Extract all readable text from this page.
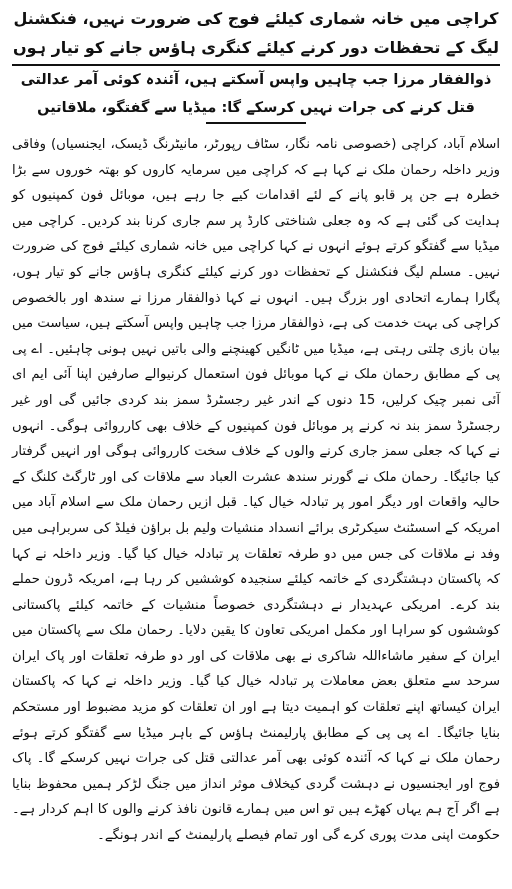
کراچی میں خانہ شماری کیلئے فوج کی ضرورت نہیں، فنکشنل لیگ کے تحفظات دور کرنے کیلئے کنگری ہاؤس جانے کو تیار ہوں
ذوالفقار مرزا جب چاہیں واپس آسکتے ہیں، آئندہ کوئی آمر عدالتی قتل کرنے کی جرات نہیں کرسکے گا: میڈیا سے گفتگو، ملاقاتیں
اسلام آباد، کراچی (خصوصی نامہ نگار، سٹاف رپورٹر، مانیٹرنگ ڈیسک، ایجنسیاں) وفاقی وزیر داخلہ رحمان ملک نے کہا ہے کہ کراچی میں سرمایہ کاروں کو بھتہ خوروں سے بڑا خطرہ ہے جن پر قابو پانے کے لئے اقدامات کیے جا رہے ہیں، موبائل فون کمپنیوں کو ہدایت کی گئی ہے کہ وہ جعلی شناختی کارڈ پر سم جاری کرنا بند کردیں۔ کراچی میں میڈیا سے گفتگو کرتے ہوئے انہوں نے کہا کراچی میں خانہ شماری کیلئے فوج کی ضرورت نہیں۔ مسلم لیگ فنکشنل کے تحفظات دور کرنے کیلئے کنگری ہاؤس جانے کو تیار ہوں، پگارا ہمارے اتحادی اور بزرگ ہیں۔ انہوں نے کہا ذوالفقار مرزا نے سندھ اور بالخصوص کراچی کی بہت خدمت کی ہے، ذوالفقار مرزا جب چاہیں واپس آسکتے ہیں، سیاست میں بیان بازی چلتی رہتی ہے، میڈیا میں ٹانگیں کھینچنے والی باتیں نہیں ہونی چاہئیں۔ اے پی پی کے مطابق رحمان ملک نے کہا موبائل فون استعمال کرنیوالے صارفین اپنا آئی ایم ای آئی نمبر چیک کرلیں، 15 دنوں کے اندر غیر رجسٹرڈ سمز بند کردی جائیں گی اور غیر رجسٹرڈ سمز بند نہ کرنے پر موبائل فون کمپنیوں کے خلاف بھی کارروائی ہوگی۔ انہوں نے کہا کہ جعلی سمز جاری کرنے والوں کے خلاف سخت کارروائی ہوگی اور انہیں گرفتار کیا جائیگا۔ رحمان ملک نے گورنر سندھ عشرت العباد سے ملاقات کی اور ٹارگٹ کلنگ کے حالیہ واقعات اور دیگر امور پر تبادلہ خیال کیا۔ قبل ازیں رحمان ملک سے اسلام آباد میں امریکہ کے اسسٹنٹ سیکرٹری برائے انسداد منشیات ولیم بل براؤن فیلڈ کی سربراہی میں وفد نے ملاقات کی جس میں دو طرفہ تعلقات پر تبادلہ خیال کیا گیا۔ وزیر داخلہ نے کہا کہ پاکستان دہشتگردی کے خاتمہ کیلئے سنجیدہ کوششیں کر رہا ہے، امریکہ ڈرون حملے بند کرے۔ امریکی عہدیدار نے دہشتگردی خصوصاً منشیات کے خاتمہ کیلئے پاکستانی کوششوں کو سراہا اور مکمل امریکی تعاون کا یقین دلایا۔ رحمان ملک سے پاکستان میں ایران کے سفیر ماشاءاللہ شاکری نے بھی ملاقات کی اور دو طرفہ تعلقات اور پاک ایران سرحد سے متعلق بعض معاملات پر تبادلہ خیال کیا گیا۔ وزیر داخلہ نے کہا کہ پاکستان ایران کیساتھ اپنے تعلقات کو اہمیت دیتا ہے اور ان تعلقات کو مزید مضبوط اور مستحکم بنایا جائیگا۔ اے پی پی کے مطابق پارلیمنٹ ہاؤس کے باہر میڈیا سے گفتگو کرتے ہوئے رحمان ملک نے کہا کہ آئندہ کوئی بھی آمر عدالتی قتل کی جرات نہیں کرسکے گا۔ پاک فوج اور ایجنسیوں نے دہشت گردی کیخلاف موثر انداز میں جنگ لڑکر ہمیں محفوظ بنایا ہے اگر آج ہم یہاں کھڑے ہیں تو اس میں ہمارے قانون نافذ کرنے والوں کا اہم کردار ہے۔ حکومت اپنی مدت پوری کرے گی اور تمام فیصلے پارلیمنٹ کے اندر ہونگے۔
